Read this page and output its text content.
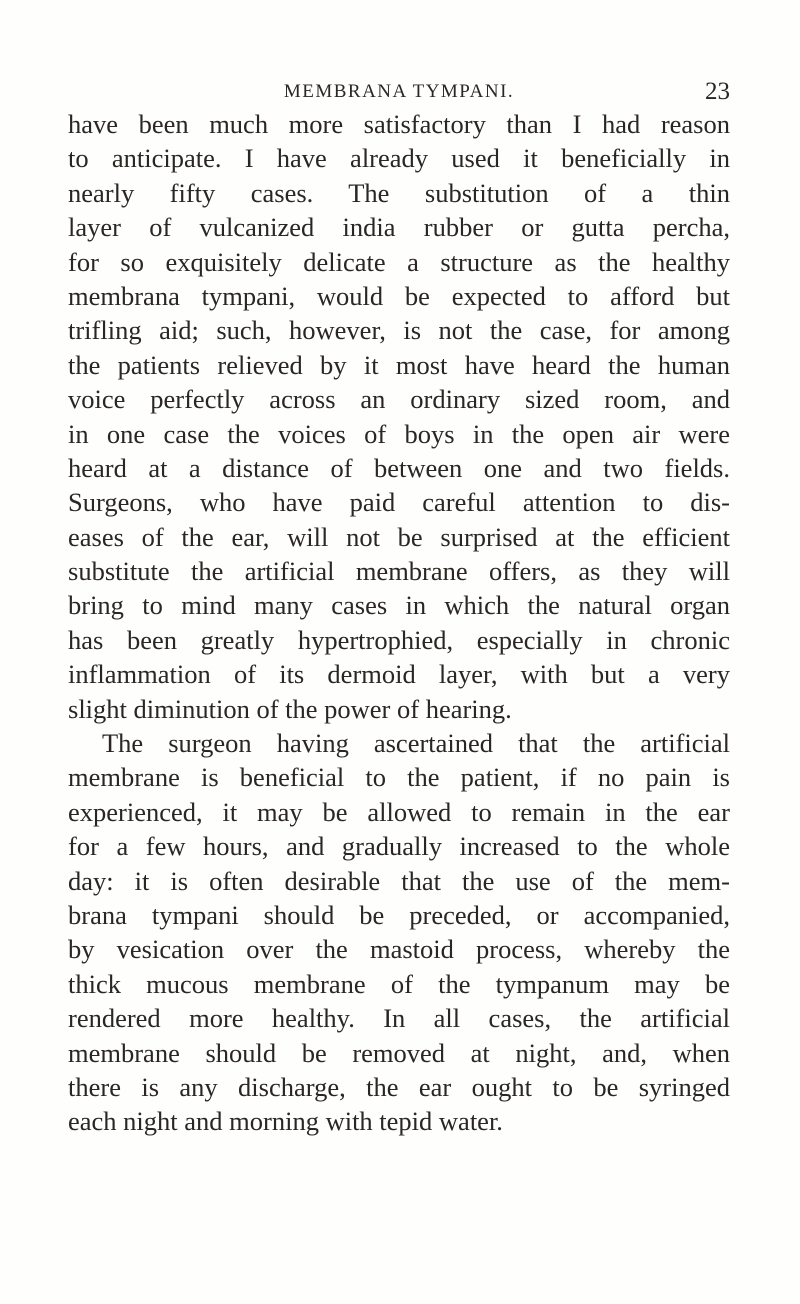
MEMBRANA TYMPANI.	23
have been much more satisfactory than I had reason
to anticipate. I have already used it beneficially in
nearly fifty cases. The substitution of a thin
layer of vulcanized india rubber or gutta percha,
for so exquisitely delicate a structure as the healthy
membrana tympani, would be expected to afford but
trifling aid; such, however, is not the case, for among
the patients relieved by it most have heard the human
voice perfectly across an ordinary sized room, and
in one case the voices of boys in the open air were
heard at a distance of between one and two fields.
Surgeons, who have paid careful attention to dis-
eases of the ear, will not be surprised at the efficient
substitute the artificial membrane offers, as they will
bring to mind many cases in which the natural organ
has been greatly hypertrophied, especially in chronic
inflammation of its dermoid layer, with but a very
slight diminution of the power of hearing.
The surgeon having ascertained that the artificial
membrane is beneficial to the patient, if no pain is
experienced, it may be allowed to remain in the ear
for a few hours, and gradually increased to the whole
day: it is often desirable that the use of the mem-
brana tympani should be preceded, or accompanied,
by vesication over the mastoid process, whereby the
thick mucous membrane of the tympanum may be
rendered more healthy. In all cases, the artificial
membrane should be removed at night, and, when
there is any discharge, the ear ought to be syringed
each night and morning with tepid water.
